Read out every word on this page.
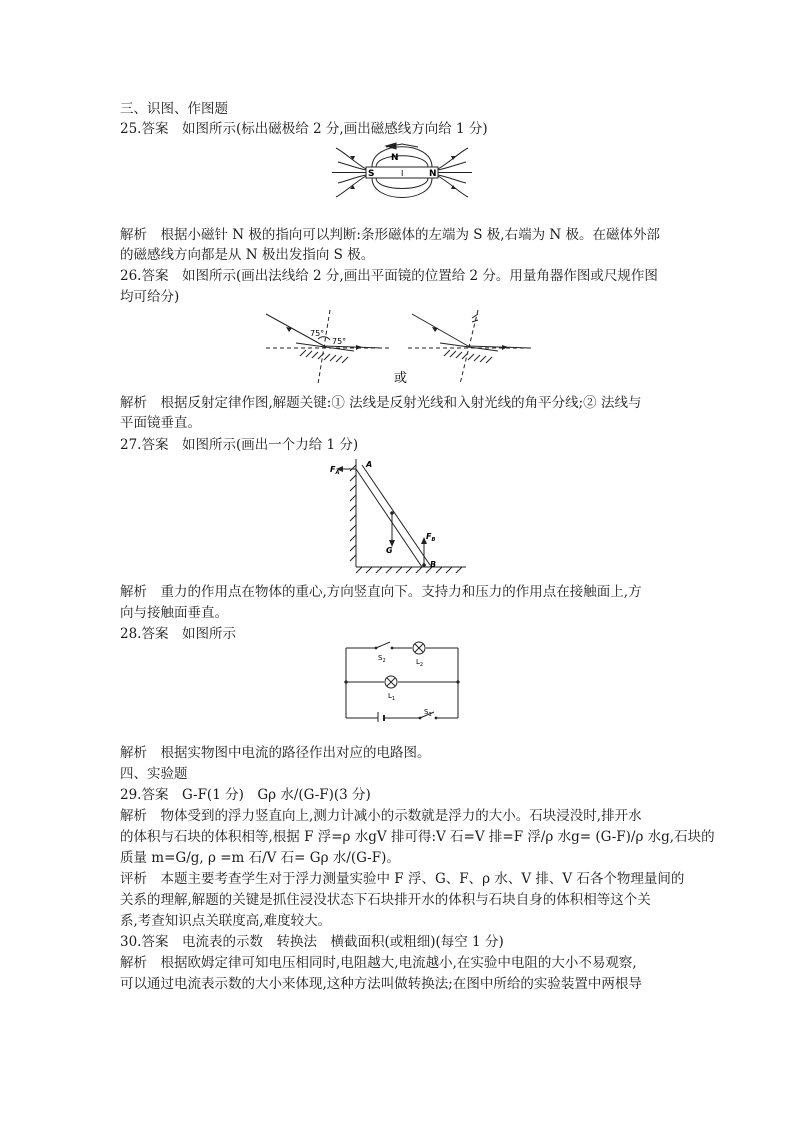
三、识图、作图题
25.答案　如图所示(标出磁极给 2 分,画出磁感线方向给 1 分)
N
S	I	N
解析　根据小磁针 N 极的指向可以判断:条形磁体的左端为 S 极,右端为 N 极。在磁体外部
的磁感线方向都是从 N 极出发指向 S 极。
26.答案　如图所示(画出法线给 2 分,画出平面镜的位置给 2 分。用量角器作图或尺规作图
均可给分)
75°
75°
或
解析　根据反射定律作图,解题关键:① 法线是反射光线和入射光线的角平分线;② 法线与
平面镜垂直。
27.答案　如图所示(画出一个力给 1 分)
$F_A$
A
G
$F_B$
B
解析　重力的作用点在物体的重心,方向竖直向下。支持力和压力的作用点在接触面上,方
向与接触面垂直。
28.答案　如图所示
$S_2$	$L_2$
$L_1$
$S_1$
解析　根据实物图中电流的路径作出对应的电路图。
四、实验题
29.答案　G-F(1 分)　Gρ 水/(G-F)(3 分)
解析　物体受到的浮力竖直向上,测力计减小的示数就是浮力的大小。石块浸没时,排开水
的体积与石块的体积相等,根据 F 浮=ρ 水gV 排可得:V 石=V 排=F 浮/ρ 水g= (G-F)/ρ 水g,石块的
质量 m=G/g, ρ =m 石/V 石= Gρ 水/(G-F)。
评析　本题主要考查学生对于浮力测量实验中 F 浮、G、F、ρ 水、V 排、V 石各个物理量间的
关系的理解,解题的关键是抓住浸没状态下石块排开水的体积与石块自身的体积相等这个关
系,考查知识点关联度高,难度较大。
30.答案　电流表的示数　转换法　横截面积(或粗细)(每空 1 分)
解析　根据欧姆定律可知电压相同时,电阻越大,电流越小,在实验中电阻的大小不易观察,
可以通过电流表示数的大小来体现,这种方法叫做转换法;在图中所给的实验装置中两根导
